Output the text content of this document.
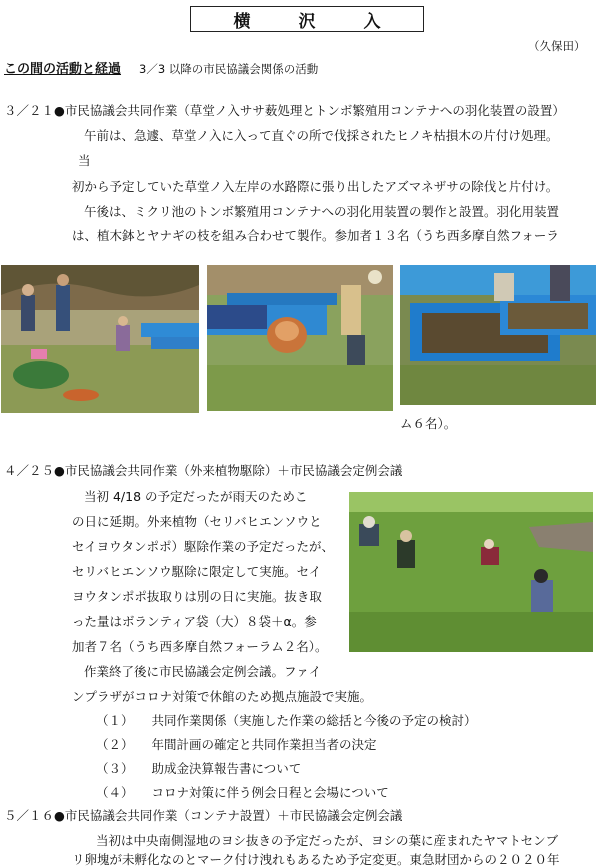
横	沢	入
（久保田）
この間の活動と経過 3／3 以降の市民協議会関係の活動
３／２１●市民協議会共同作業（草堂ノ入ササ薮処理とトンボ繁殖用コンテナへの羽化装置の設置）
午前は、急遽、草堂ノ入に入って直ぐの所で伐採されたヒノキ枯損木の片付け処理。
当
初から予定していた草堂ノ入左岸の水路際に張り出したアズマネザサの除伐と片付け。
午後は、ミクリ池のトンボ繁殖用コンテナへの羽化用装置の製作と設置。羽化用装置
は、植木鉢とヤナギの枝を組み合わせて製作。参加者１３名（うち西多摩自然フォーラ
ム６名）。
４／２５●市民協議会共同作業（外来植物駆除）＋市民協議会定例会議
当初 4/18 の予定だったが雨天のためこ
の日に延期。外来植物（セリバヒエンソウと
セイヨウタンポポ）駆除作業の予定だったが、
セリバヒエンソウ駆除に限定して実施。セイ
ヨウタンポポ抜取りは別の日に実施。抜き取
った量はボランティア袋（大）８袋＋α。参
加者７名（うち西多摩自然フォーラム２名）。
作業終了後に市民協議会定例会議。ファイ
ンプラザがコロナ対策で休館のため拠点施設で実施。
（１） 共同作業関係（実施した作業の総括と今後の予定の検討）
（２） 年間計画の確定と共同作業担当者の決定
（３） 助成金決算報告書について
（４） コロナ対策に伴う例会日程と会場について
５／１６●市民協議会共同作業（コンテナ設置）＋市民協議会定例会議
当初は中央南側湿地のヨシ抜きの予定だったが、ヨシの葉に産まれたヤマトセンブ
リ卵塊が未孵化なのとマーク付け洩れもあるため予定変更。東急財団からの２０２０年
